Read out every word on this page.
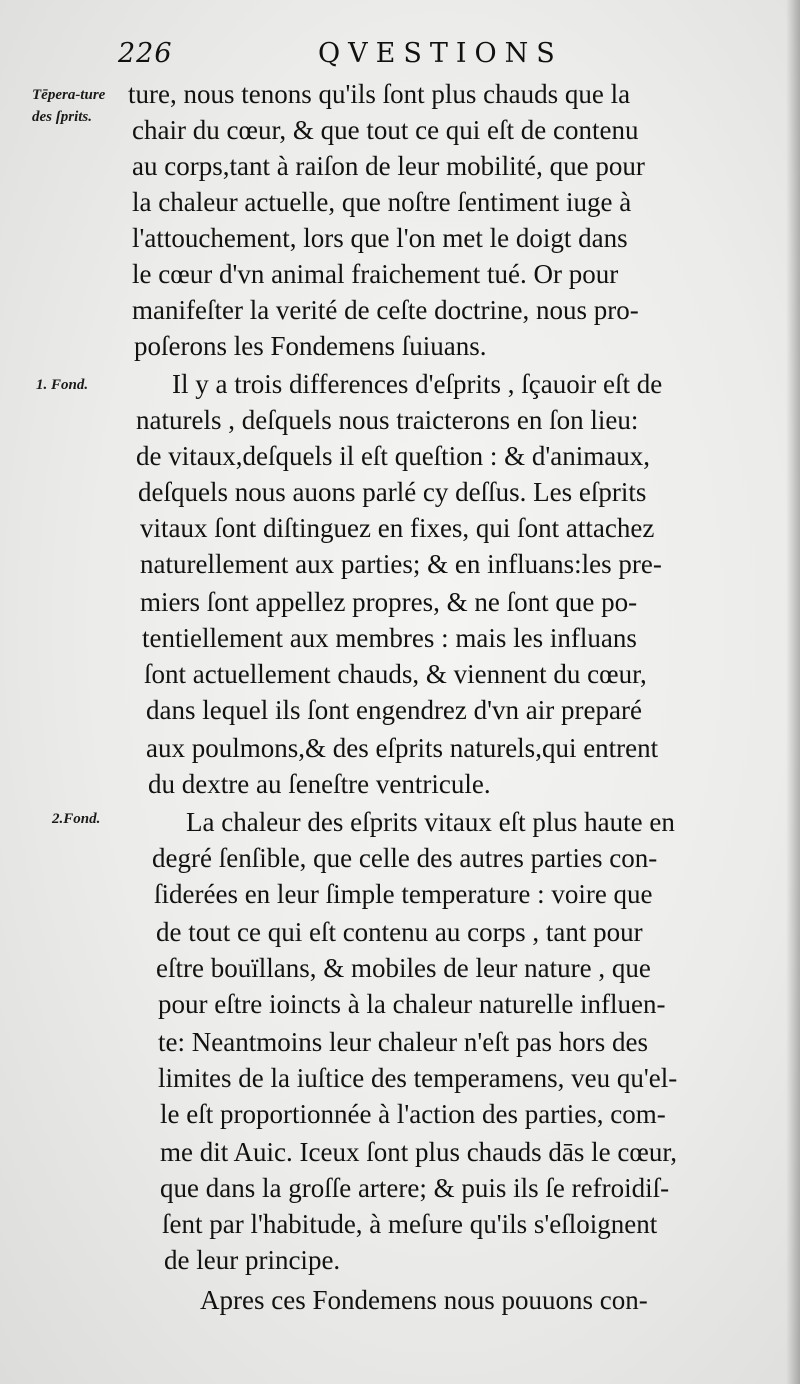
226	QVESTIONS
Tēpera-ture des ſprits.
1. Fond.
2.Fond.
ture, nous tenons qu'ils ſont plus chauds que la
chair du cœur, & que tout ce qui eſt de contenu
au corps,tant à raiſon de leur mobilité, que pour
la chaleur actuelle, que noſtre ſentiment iuge à
l'attouchement, lors que l'on met le doigt dans
le cœur d'vn animal fraichement tué. Or pour
manifeſter la verité de ceſte doctrine, nous pro-
poſerons les Fondemens ſuiuans.
Il y a trois differences d'eſprits , ſçauoir eſt de
naturels , deſquels nous traicterons en ſon lieu:
de vitaux,deſquels il eſt queſtion : & d'animaux,
deſquels nous auons parlé cy deſſus. Les eſprits
vitaux ſont diſtinguez en fixes, qui ſont attachez
naturellement aux parties; & en influans:les pre-
miers ſont appellez propres, & ne ſont que po-
tentiellement aux membres : mais les influans
ſont actuellement chauds, & viennent du cœur,
dans lequel ils ſont engendrez d'vn air preparé
aux poulmons,& des eſprits naturels,qui entrent
du dextre au ſeneſtre ventricule.
La chaleur des eſprits vitaux eſt plus haute en
degré ſenſible, que celle des autres parties con-
ſiderées en leur ſimple temperature : voire que
de tout ce qui eſt contenu au corps , tant pour
eſtre bouïllans, & mobiles de leur nature , que
pour eſtre ioincts à la chaleur naturelle influen-
te: Neantmoins leur chaleur n'eſt pas hors des
limites de la iuſtice des temperamens, veu qu'el-
le eſt proportionnée à l'action des parties, com-
me dit Auic. Iceux ſont plus chauds dās le cœur,
que dans la groſſe artere; & puis ils ſe refroidiſ-
ſent par l'habitude, à meſure qu'ils s'eſloignent
de leur principe.
Apres ces Fondemens nous pouuons con-
